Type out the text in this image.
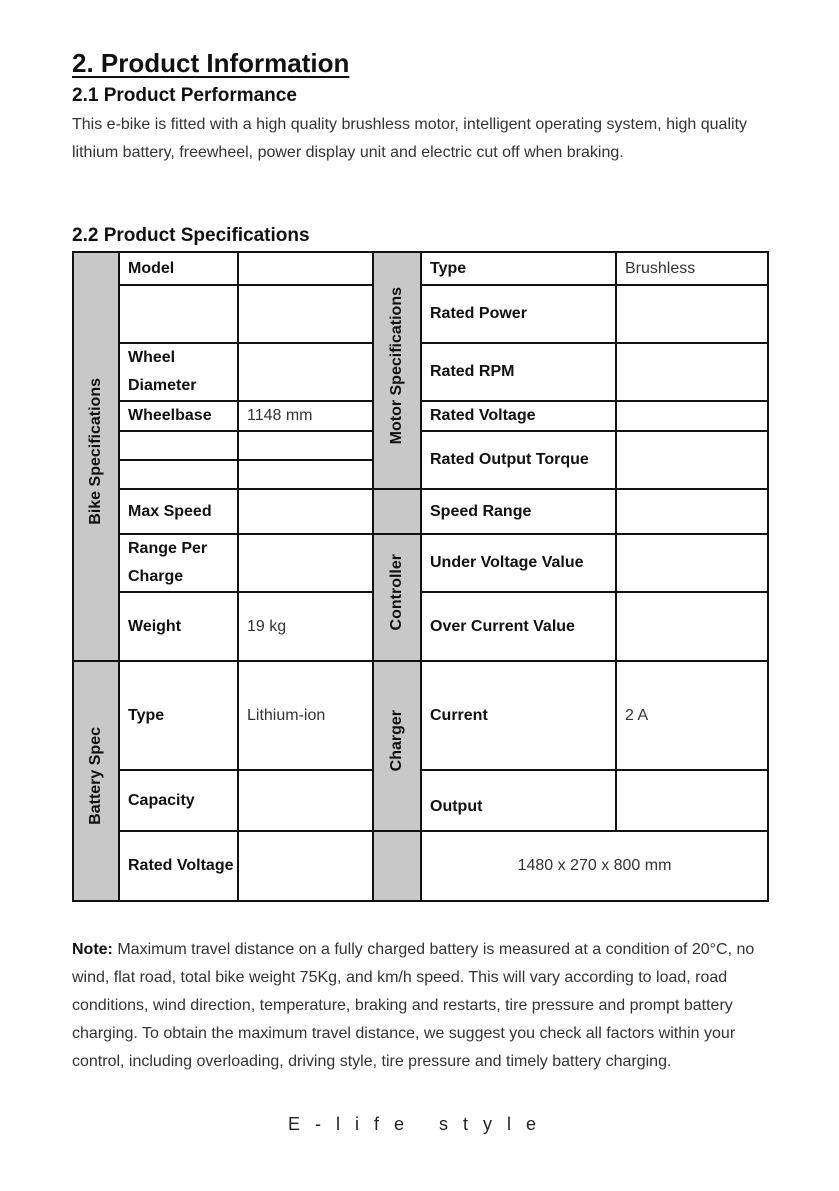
2. Product Information
2.1 Product Performance

This e-bike is fitted with a high quality brushless motor, intelligent operating system, high quality lithium battery, freewheel, power display unit and electric cut off when braking.

2.2 Product Specifications
Bike Specifications	Model		Motor Specifications	Type	Brushless
				Rated Power	
	Wheel Diameter			Rated RPM	
	Wheelbase	1148 mm		Rated Voltage	
				Rated Output Torque	

	Max Speed			Speed Range	
	Range Per Charge		Controller	Under Voltage Value	
	Weight	19 kg		Over Current Value	
Battery Spec	Type	Lithium-ion	Charger	Current	2 A
	Capacity			Output	
	Rated Voltage			1480 x 270 x 800 mm	

Note: Maximum travel distance on a fully charged battery is measured at a condition of 20°C, no wind, flat road, total bike weight 75Kg, and km/h speed. This will vary according to load, road conditions, wind direction, temperature, braking and restarts, tire pressure and prompt battery charging. To obtain the maximum travel distance, we suggest you check all factors within your control, including overloading, driving style, tire pressure and timely battery charging.

E-life style
